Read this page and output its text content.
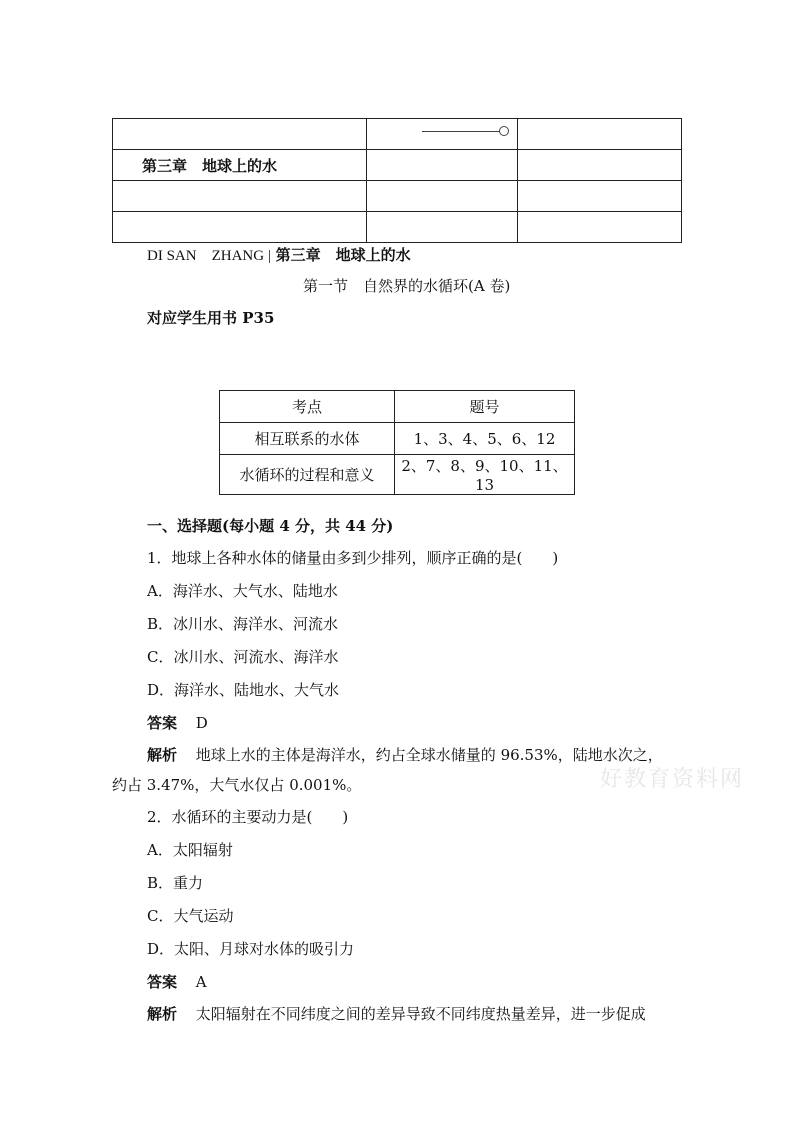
第三章　地球上的水		

DI SAN　ZHANG | 第三章　地球上的水
第一节　自然界的水循环(A 卷)
对应学生用书 P35
考点	题号
相互联系的水体	1、3、4、5、6、12
水循环的过程和意义	2、7、8、9、10、11、13
一、选择题(每小题 4 分，共 44 分)
1．地球上各种水体的储量由多到少排列，顺序正确的是(　　)
A．海洋水、大气水、陆地水
B．冰川水、海洋水、河流水
C．冰川水、河流水、海洋水
D．海洋水、陆地水、大气水
答案 D
解析 地球上水的主体是海洋水，约占全球水储量的 96.53%，陆地水次之，
约占 3.47%，大气水仅占 0.001%。	好教育资料网
2．水循环的主要动力是(　　)
A．太阳辐射
B．重力
C．大气运动
D．太阳、月球对水体的吸引力
答案 A
解析 太阳辐射在不同纬度之间的差异导致不同纬度热量差异，进一步促成
